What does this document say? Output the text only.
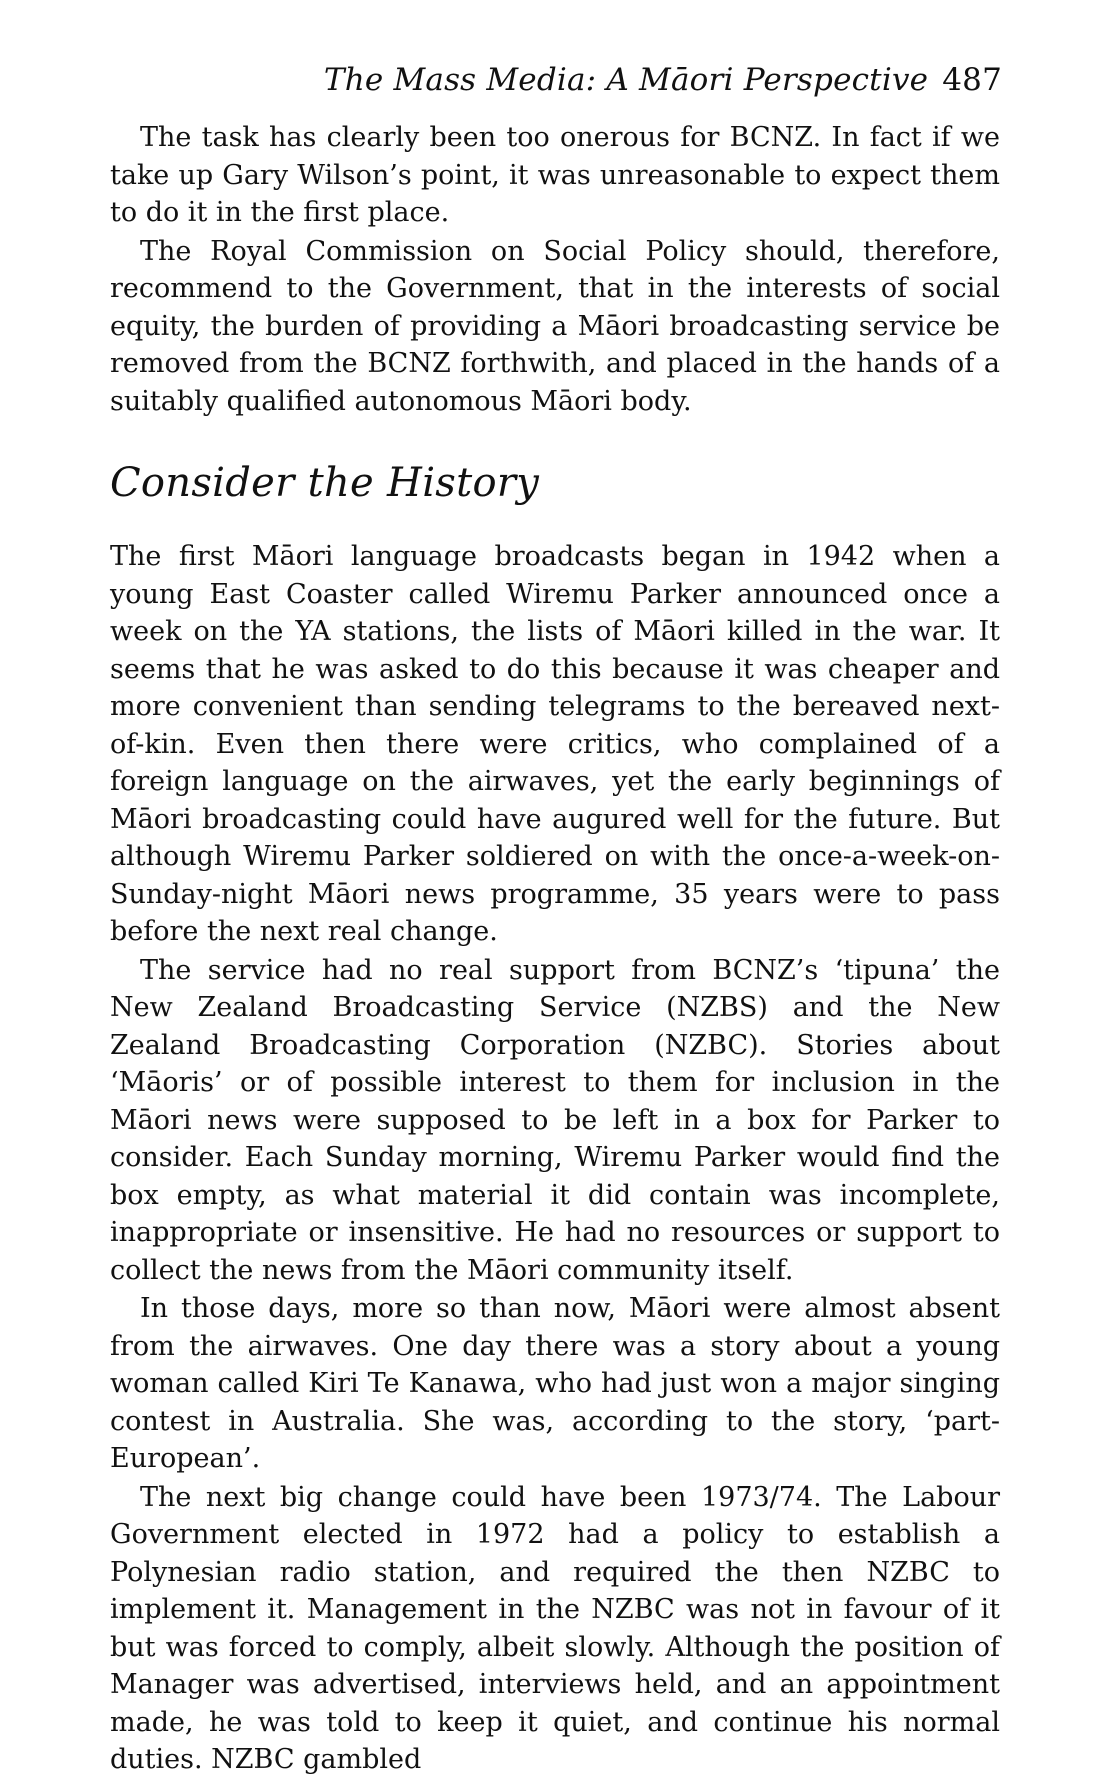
The Mass Media: A Māori Perspective 487

The task has clearly been too onerous for BCNZ. In fact if we take up Gary Wilson’s point, it was unreasonable to expect them to do it in the first place.

The Royal Commission on Social Policy should, therefore, recommend to the Government, that in the interests of social equity, the burden of providing a Māori broadcasting service be removed from the BCNZ forthwith, and placed in the hands of a suitably qualified autonomous Māori body.

Consider the History

The first Māori language broadcasts began in 1942 when a young East Coaster called Wiremu Parker announced once a week on the YA stations, the lists of Māori killed in the war. It seems that he was asked to do this because it was cheaper and more convenient than sending telegrams to the bereaved next-of-kin. Even then there were critics, who complained of a foreign language on the airwaves, yet the early beginnings of Māori broadcasting could have augured well for the future. But although Wiremu Parker soldiered on with the once-a-week-on-Sunday-night Māori news programme, 35 years were to pass before the next real change.

The service had no real support from BCNZ’s ‘tipuna’ the New Zealand Broadcasting Service (NZBS) and the New Zealand Broadcasting Corporation (NZBC). Stories about ‘Māoris’ or of possible interest to them for inclusion in the Māori news were supposed to be left in a box for Parker to consider. Each Sunday morning, Wiremu Parker would find the box empty, as what material it did contain was incomplete, inappropriate or insensitive. He had no resources or support to collect the news from the Māori community itself.

In those days, more so than now, Māori were almost absent from the airwaves. One day there was a story about a young woman called Kiri Te Kanawa, who had just won a major singing contest in Australia. She was, according to the story, ‘part-European’.

The next big change could have been 1973/74. The Labour Government elected in 1972 had a policy to establish a Polynesian radio station, and required the then NZBC to implement it. Management in the NZBC was not in favour of it but was forced to comply, albeit slowly. Although the position of Manager was advertised, interviews held, and an appointment made, he was told to keep it quiet, and continue his normal duties. NZBC gambled
